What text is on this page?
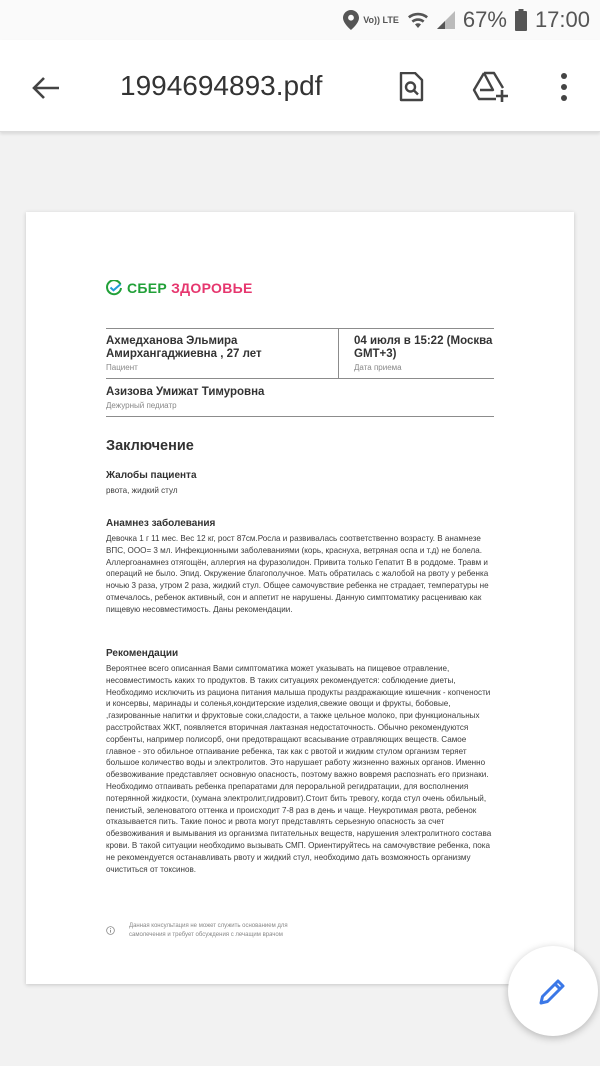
Vo)) LTE	67% 17:00
1994694893.pdf
СБЕР ЗДОРОВЬЕ
Ахмедханова Эльмира Амирхангаджиевна , 27 лет
Пациент
04 июля в 15:22 (Москва GMT+3)
Дата приема
Азизова Умижат Тимуровна
Дежурный педиатр
Заключение
Жалобы пациента
рвота, жидкий стул
Анамнез заболевания
Девочка 1 г 11 мес. Вес 12 кг, рост 87см.Росла и развивалась соответственно возрасту. В анамнезе ВПС, ООО= 3 мл. Инфекционными заболеваниями (корь, краснуха, ветряная оспа и т.д) не болела. Аллергоанамнез отягощён, аллергия на фуразолидон. Привита только Гепатит В в роддоме. Травм и операций не было. Эпид. Окружение благополучное. Мать обратилась с жалобой на рвоту у ребенка ночью 3 раза, утром 2 раза, жидкий стул. Общее самочувствие ребенка не страдает, температуры не отмечалось, ребенок активный, сон и аппетит не нарушены. Данную симптоматику расцениваю как пищевую несовместимость. Даны рекомендации.
Рекомендации
Вероятнее всего описанная Вами симптоматика может указывать на пищевое отравление, несовместимость каких то продуктов. В таких ситуациях рекомендуется: соблюдение диеты, Необходимо исключить из рациона питания малыша продукты раздражающие кишечник - копчености и консервы, маринады и соленья,кондитерские изделия,свежие овощи и фрукты, бобовые, ,газированные напитки и фруктовые соки,сладости, а также цельное молоко, при функциональных расстройствах ЖКТ, появляется вторичная лактазная недостаточность. Обычно рекомендуются сорбенты, например полисорб, они предотвращают всасывание отравляющих веществ. Самое главное - это обильное отпаивание ребенка, так как с рвотой и жидким стулом организм теряет большое количество воды и электролитов. Это нарушает работу жизненно важных органов. Именно обезвоживание представляет основную опасность, поэтому важно вовремя распознать его признаки. Необходимо отпаивать ребенка препаратами для пероральной регидратации, для восполнения потерянной жидкости, (хумана электролит,гидровит).Стоит бить тревогу, когда стул очень обильный, пенистый, зеленоватого оттенка и происходит 7-8 раз в день и чаще. Неукротимая рвота, ребенок отказывается пить. Такие понос и рвота могут представлять серьезную опасность за счет обезвоживания и вымывания из организма питательных веществ, нарушения электролитного состава крови. В такой ситуации необходимо вызывать СМП. Ориентируйтесь на самочувствие ребенка, пока не рекомендуется останавливать рвоту и жидкий стул, необходимо дать возможность организму очиститься от токсинов.
Данная консультация не может служить основанием для самолечения и требует обсуждения с лечащим врачом
